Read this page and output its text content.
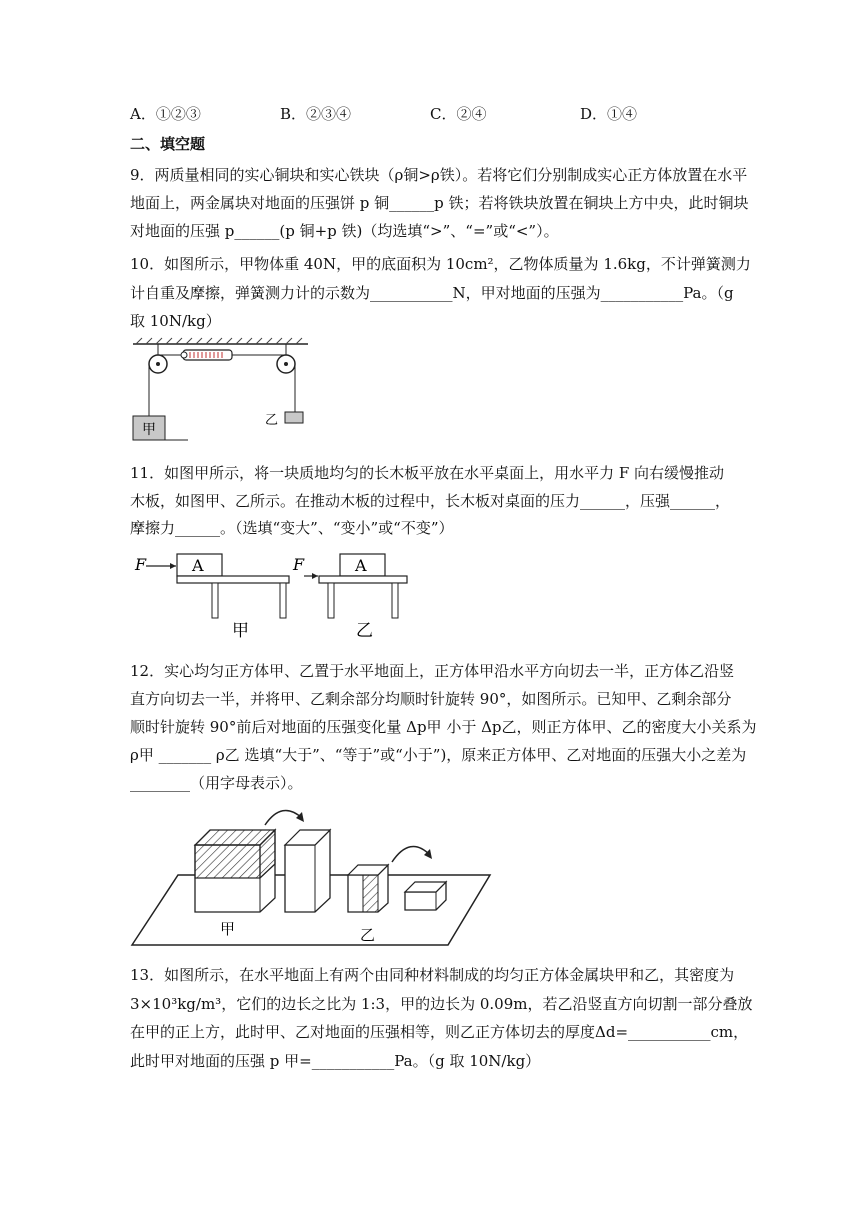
A．①②③	B．②③④	C．②④	D．①④
二、填空题
9．两质量相同的实心铜块和实心铁块（ρ铜>ρ铁）。若将它们分别制成实心正方体放置在水平
地面上，两金属块对地面的压强饼 p 铜______p 铁；若将铁块放置在铜块上方中央，此时铜块
对地面的压强 p______(p 铜+p 铁)（均选填“>”、“=”或“<”）。
10．如图所示，甲物体重 40N，甲的底面积为 10cm²，乙物体质量为 1.6kg，不计弹簧测力
计自重及摩擦，弹簧测力计的示数为___________N，甲对地面的压强为___________Pa。（g
取 10N/kg）
甲
乙
11．如图甲所示，将一块质地均匀的长木板平放在水平桌面上，用水平力 F 向右缓慢推动
木板，如图甲、乙所示。在推动木板的过程中，长木板对桌面的压力______，压强______，
摩擦力______。（选填“变大”、“变小”或“不变”）
F	A
甲
F	A
乙
12．实心均匀正方体甲、乙置于水平地面上，正方体甲沿水平方向切去一半，正方体乙沿竖
直方向切去一半，并将甲、乙剩余部分均顺时针旋转 90°，如图所示。已知甲、乙剩余部分
顺时针旋转 90°前后对地面的压强变化量 Δp甲 小于 Δp乙，则正方体甲、乙的密度大小关系为
ρ甲 _______ ρ乙 选填“大于”、“等于”或“小于”)，原来正方体甲、乙对地面的压强大小之差为
________（用字母表示）。
甲	乙
13．如图所示，在水平地面上有两个由同种材料制成的均匀正方体金属块甲和乙，其密度为
3×10³kg/m³，它们的边长之比为 1:3，甲的边长为 0.09m，若乙沿竖直方向切割一部分叠放
在甲的正上方，此时甲、乙对地面的压强相等，则乙正方体切去的厚度Δd=___________cm，
此时甲对地面的压强 p 甲=___________Pa。（g 取 10N/kg）
